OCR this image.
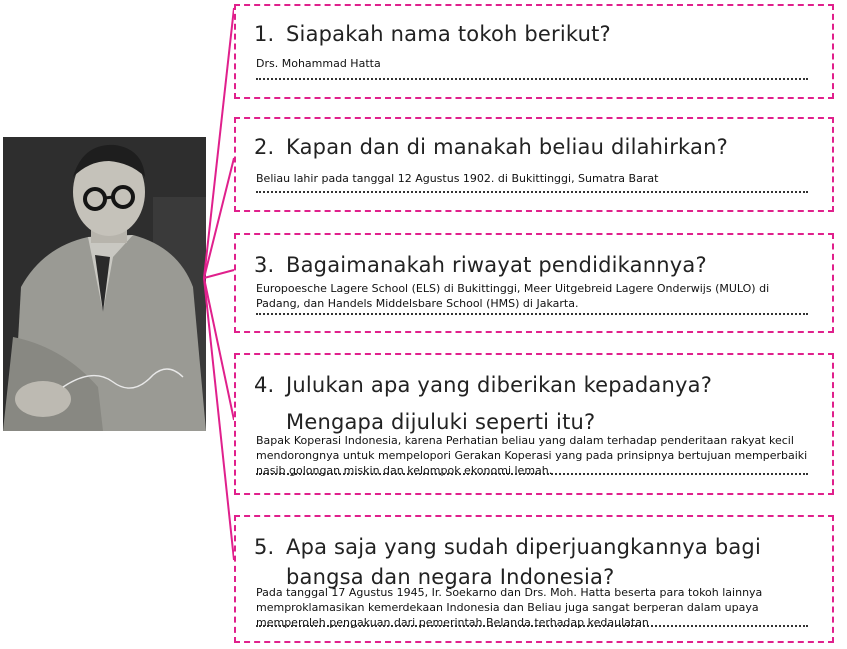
1. Siapakah nama tokoh berikut?
Drs. Mohammad Hatta
2. Kapan dan di manakah beliau dilahirkan?
Beliau lahir pada tanggal 12 Agustus 1902. di Bukittinggi, Sumatra Barat
3. Bagaimanakah riwayat pendidikannya?
Europoesche Lagere School (ELS) di Bukittinggi, Meer Uitgebreid Lagere Onderwijs (MULO) di Padang, dan Handels Middelsbare School (HMS) di Jakarta.
4. Julukan apa yang diberikan kepadanya?
Mengapa dijuluki seperti itu?
Bapak Koperasi Indonesia, karena Perhatian beliau yang dalam terhadap penderitaan rakyat kecil mendorongnya untuk mempelopori Gerakan Koperasi yang pada prinsipnya bertujuan memperbaiki nasib golongan miskin dan kelompok ekonomi lemah.
5. Apa saja yang sudah diperjuangkannya bagi
bangsa dan negara Indonesia?
Pada tanggal 17 Agustus 1945, Ir. Soekarno dan Drs. Moh. Hatta beserta para tokoh lainnya memproklamasikan kemerdekaan Indonesia dan Beliau juga sangat berperan dalam upaya memperoleh pengakuan dari pemerintah Belanda terhadap kedaulatan
